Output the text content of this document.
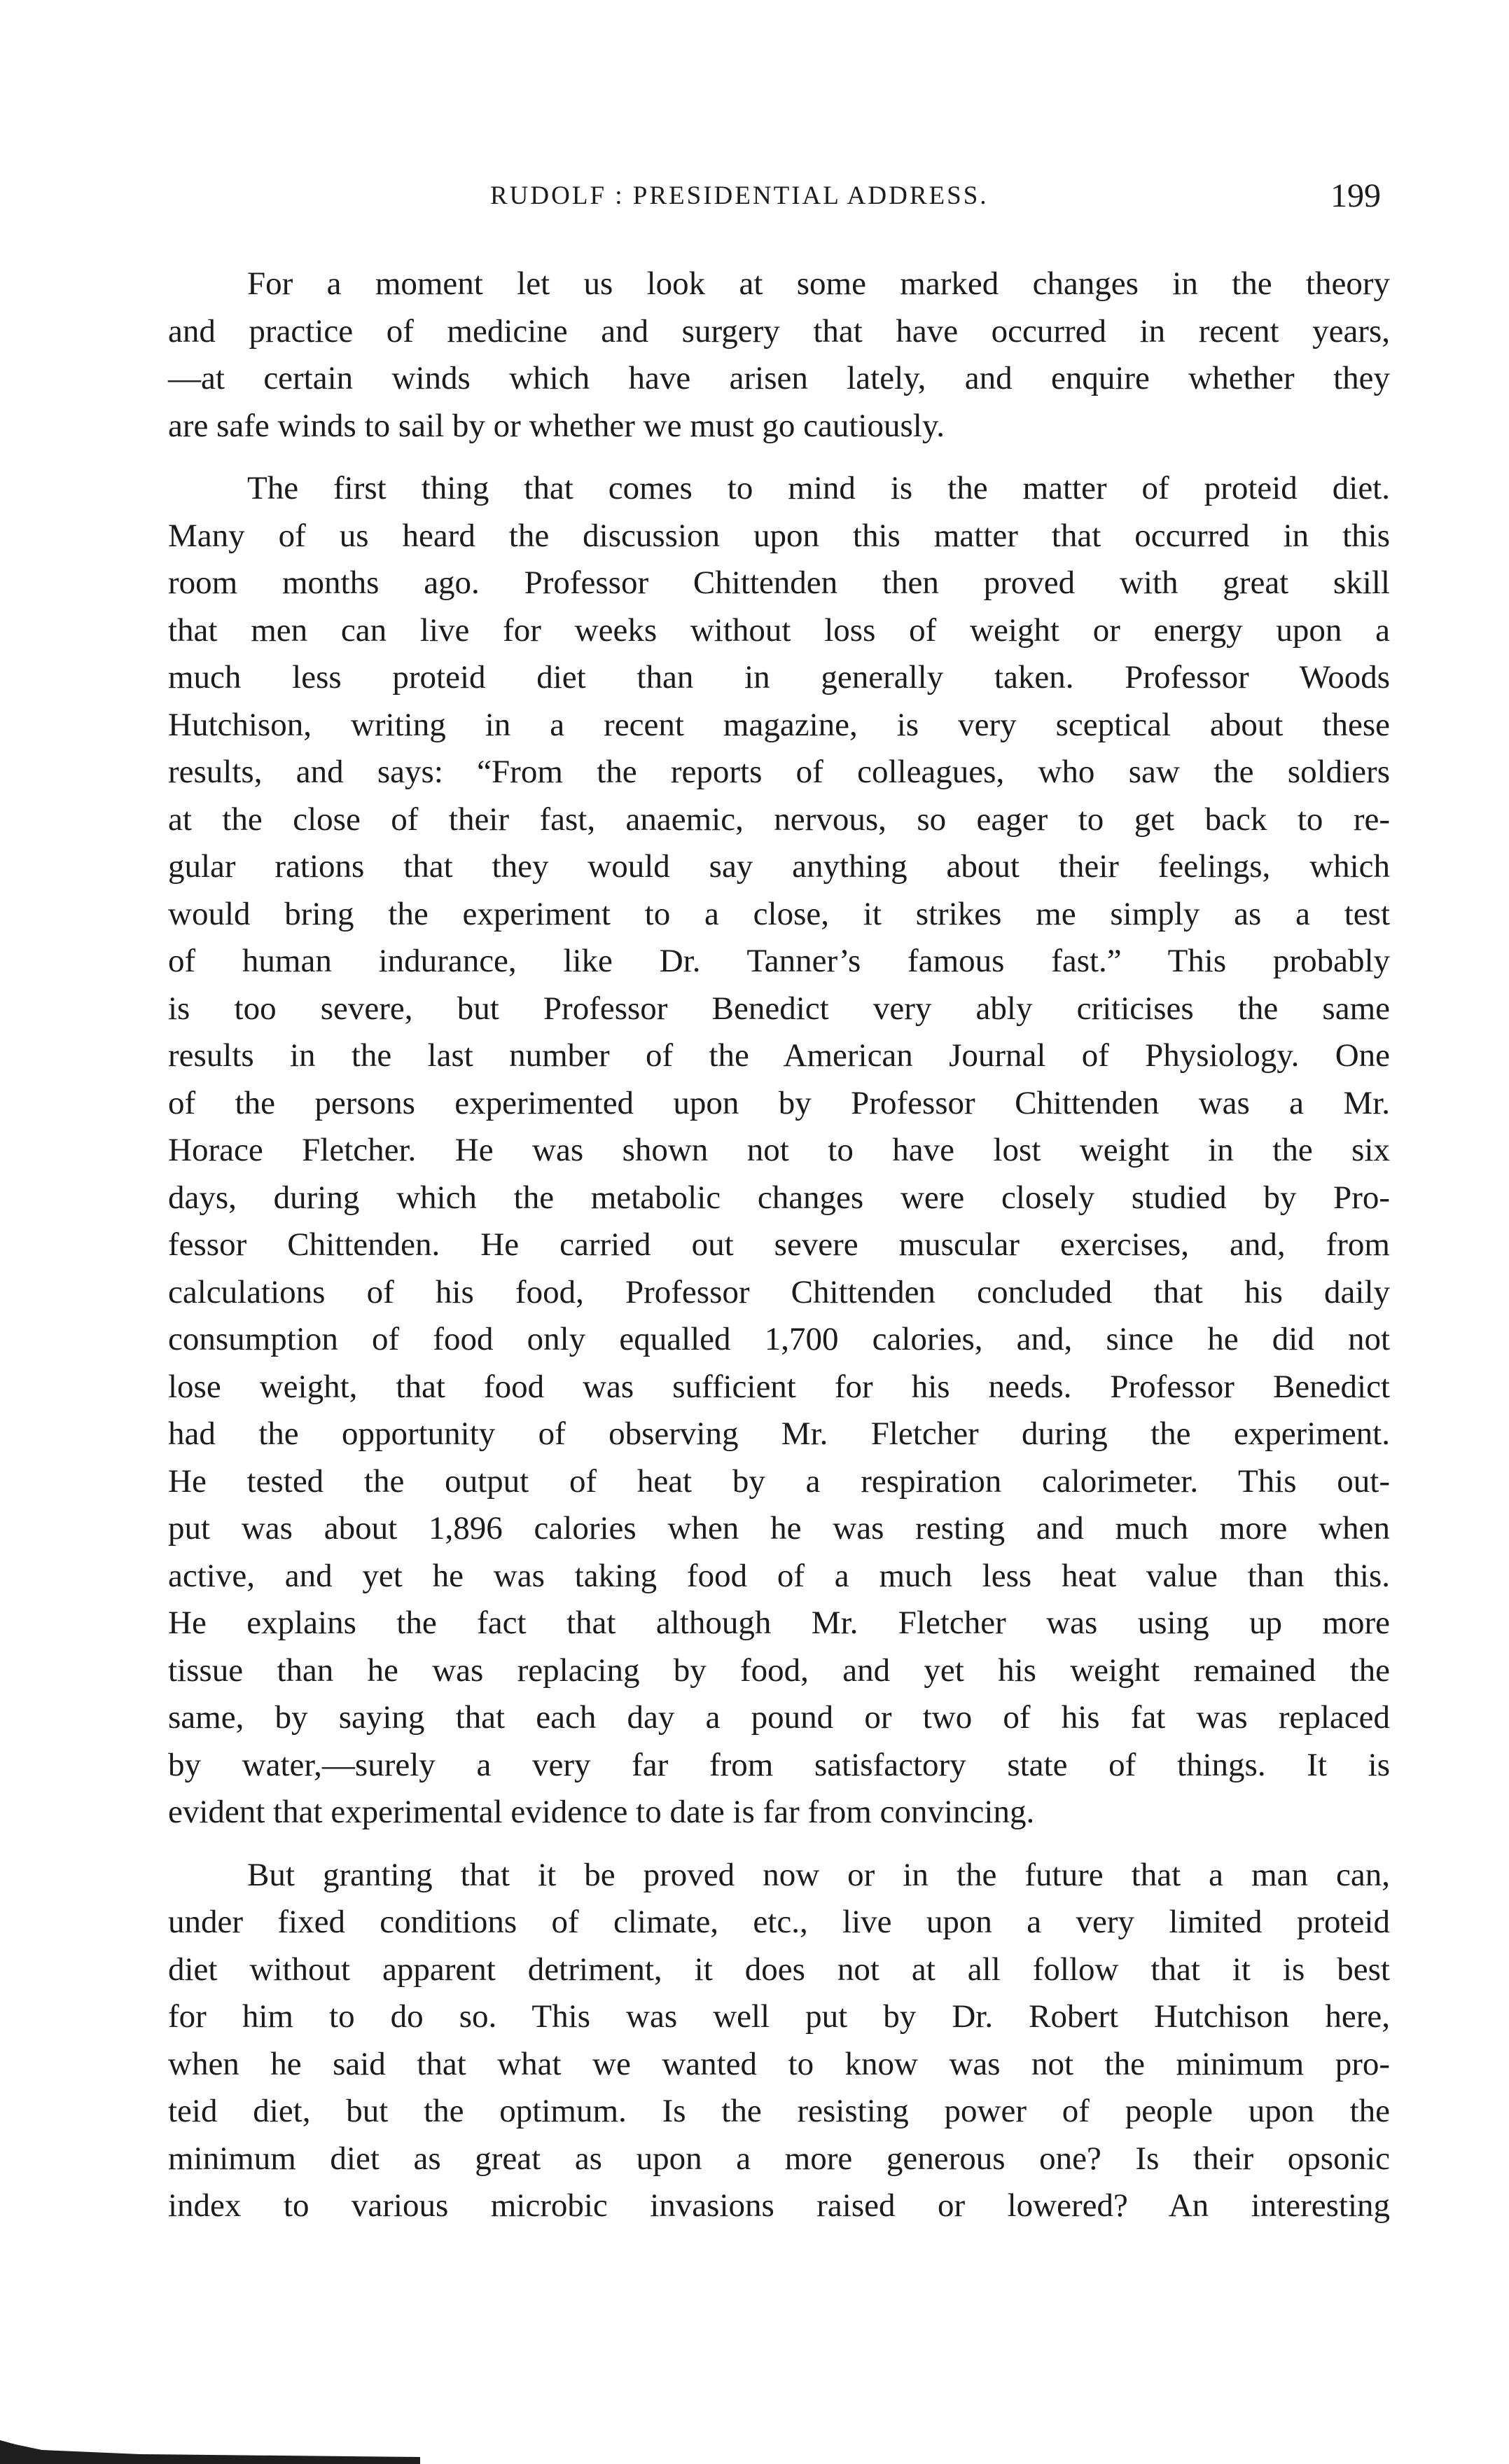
RUDOLF : PRESIDENTIAL ADDRESS.	199

For a moment let us look at some marked changes in the theory
and practice of medicine and surgery that have occurred in recent years,
—at certain winds which have arisen lately, and enquire whether they
are safe winds to sail by or whether we must go cautiously.

The first thing that comes to mind is the matter of proteid diet.
Many of us heard the discussion upon this matter that occurred in this
room months ago. Professor Chittenden then proved with great skill
that men can live for weeks without loss of weight or energy upon a
much less proteid diet than in generally taken. Professor Woods
Hutchison, writing in a recent magazine, is very sceptical about these
results, and says: “From the reports of colleagues, who saw the soldiers
at the close of their fast, anaemic, nervous, so eager to get back to re-
gular rations that they would say anything about their feelings, which
would bring the experiment to a close, it strikes me simply as a test
of human indurance, like Dr. Tanner’s famous fast.” This probably
is too severe, but Professor Benedict very ably criticises the same
results in the last number of the American Journal of Physiology. One
of the persons experimented upon by Professor Chittenden was a Mr.
Horace Fletcher. He was shown not to have lost weight in the six
days, during which the metabolic changes were closely studied by Pro-
fessor Chittenden. He carried out severe muscular exercises, and, from
calculations of his food, Professor Chittenden concluded that his daily
consumption of food only equalled 1,700 calories, and, since he did not
lose weight, that food was sufficient for his needs. Professor Benedict
had the opportunity of observing Mr. Fletcher during the experiment.
He tested the output of heat by a respiration calorimeter. This out-
put was about 1,896 calories when he was resting and much more when
active, and yet he was taking food of a much less heat value than this.
He explains the fact that although Mr. Fletcher was using up more
tissue than he was replacing by food, and yet his weight remained the
same, by saying that each day a pound or two of his fat was replaced
by water,—surely a very far from satisfactory state of things. It is
evident that experimental evidence to date is far from convincing.

But granting that it be proved now or in the future that a man can,
under fixed conditions of climate, etc., live upon a very limited proteid
diet without apparent detriment, it does not at all follow that it is best
for him to do so. This was well put by Dr. Robert Hutchison here,
when he said that what we wanted to know was not the minimum pro-
teid diet, but the optimum. Is the resisting power of people upon the
minimum diet as great as upon a more generous one? Is their opsonic
index to various microbic invasions raised or lowered? An interesting
